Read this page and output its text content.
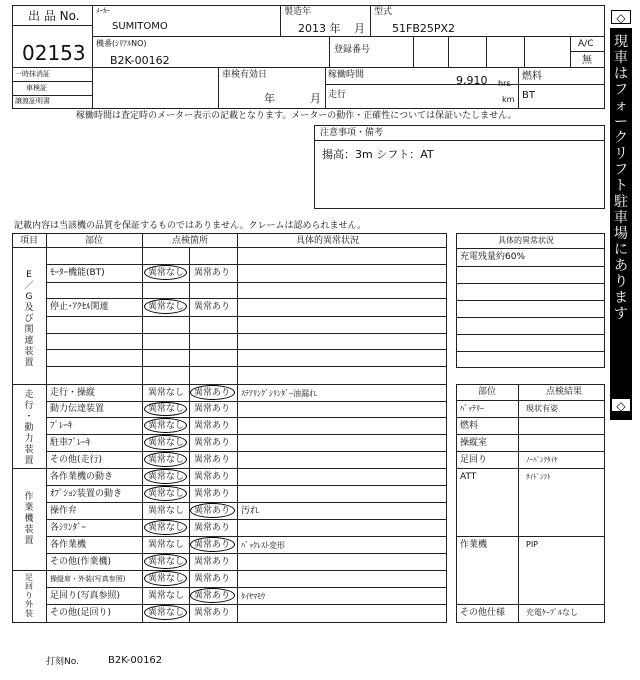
出 品 No.
02153
ﾒｰｶｰ
SUMITOMO
製造年
2013 年 月
型式
51FB25PX2
機番(ｼﾘｱﾙNO)
B2K-00162
登録番号
A/C
無
一時抹消証
車検証
譲渡証明書
車検有効日
年	月
稼働時間	9,910 hrs
走行	km
燃料
BT
稼働時間は査定時のメーター表示の記載となります。メーターの動作・正確性については保証いたしません。
注意事項・備考
揚高：3m シフト：AT
記載内容は当該機の品質を保証するものではありません。クレームは認められません。
項目	部位	点検箇所	具体的異常状況
E
／
G
及
び
関
連
装
置
走
行
・
動
力
装
置
作
業
機
装
置
足
回
り
外
装
ﾓｰﾀｰ機能(BT)	異常なし 異常あり
停止･ｱｸｾﾙ関連	異常なし 異常あり
走行・操縦	異常なし 異常あり ｽﾃｱﾘﾝｸﾞｼﾘﾝﾀﾞｰ油漏れ
動力伝達装置	異常なし 異常あり
ﾌﾞﾚｰｷ	異常なし 異常あり
駐車ﾌﾞﾚｰｷ	異常なし 異常あり
その他(走行)	異常なし 異常あり
各作業機の動き	異常なし 異常あり
ｵﾌﾟｼｮﾝ装置の動き	異常なし 異常あり
操作弁	異常なし 異常あり 汚れ
各ｼﾘﾝﾀﾞｰ	異常なし 異常あり
各作業機	異常なし 異常あり ﾊﾞｯｸﾚｽﾄ変形
その他(作業機)	異常なし 異常あり
操縦席・外装(写真参照)	異常なし 異常あり
足回り(写真参照)	異常なし 異常あり ﾀｲﾔﾏﾓｳ
その他(足回り)	異常なし 異常あり
具体的異常状況
充電残量約60%
部位	点検結果
ﾊﾞｯﾃﾘｰ	現状有姿
燃料
操縦室
足回り	ﾉｰﾊﾟﾝｸﾀｲﾔ
ATT	ｻｲﾄﾞｼﾌﾄ
作業機	PIP
その他仕様	充電ｹｰﾌﾞﾙなし
◇
現
車
は
フ
ォ
ー
ク
リ
フ
ト
駐
車
場
に
あ
り
ま
す
◇
打刻No.	B2K-00162
